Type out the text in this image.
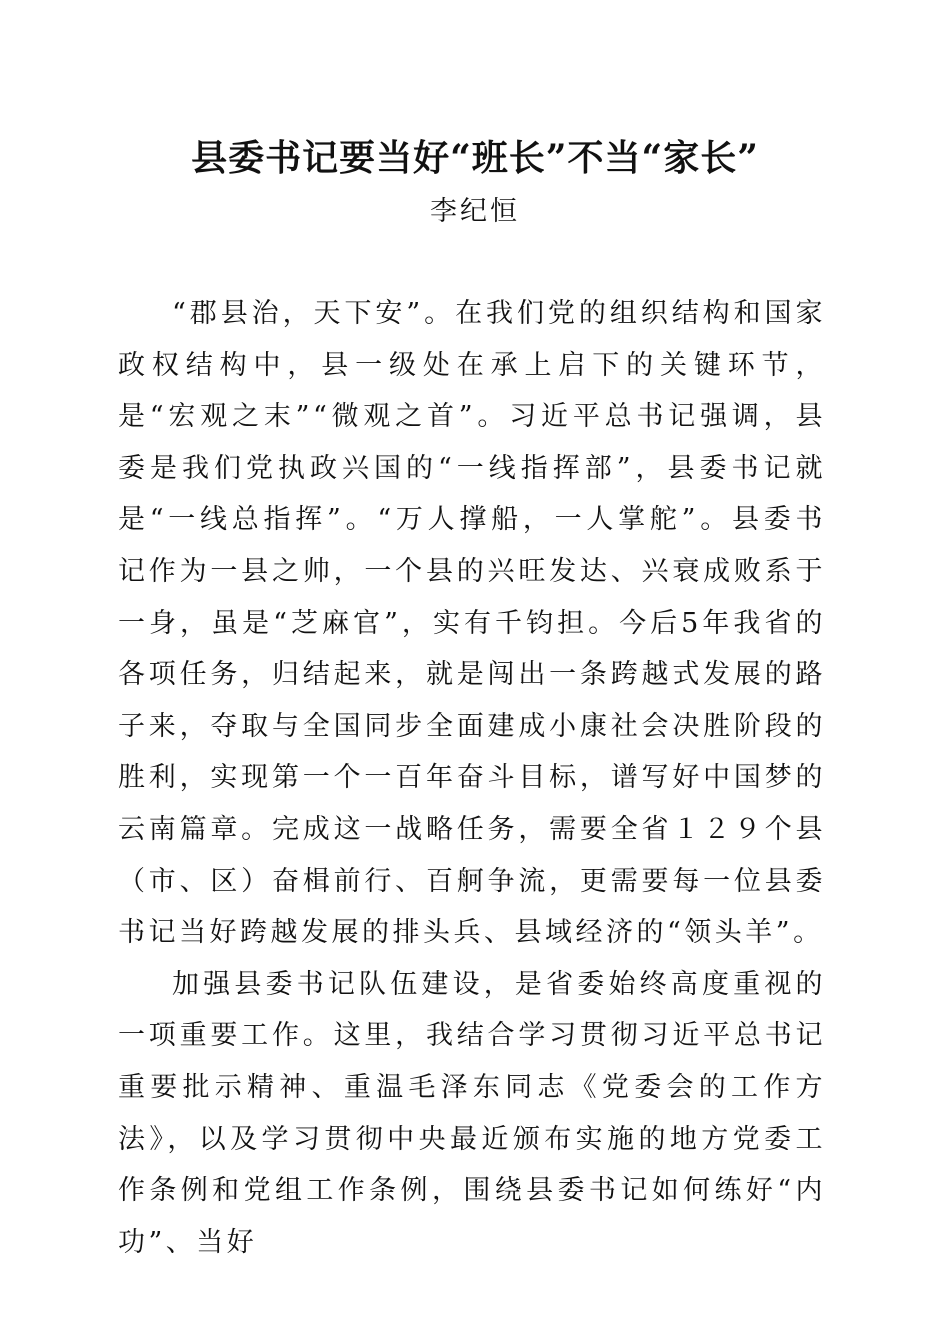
县委书记要当好“班长”不当“家长”
李纪恒

“郡县治，天下安”。在我们党的组织结构和国家政权结构中，县一级处在承上启下的关键环节，是“宏观之末”“微观之首”。习近平总书记强调，县委是我们党执政兴国的“一线指挥部”，县委书记就是“一线总指挥”。“万人撑船，一人掌舵”。县委书记作为一县之帅，一个县的兴旺发达、兴衰成败系于一身，虽是“芝麻官”，实有千钧担。今后5年我省的各项任务，归结起来，就是闯出一条跨越式发展的路子来，夺取与全国同步全面建成小康社会决胜阶段的胜利，实现第一个一百年奋斗目标，谱写好中国梦的云南篇章。完成这一战略任务，需要全省１２９个县（市、区）奋楫前行、百舸争流，更需要每一位县委书记当好跨越发展的排头兵、县域经济的“领头羊”。

加强县委书记队伍建设，是省委始终高度重视的一项重要工作。这里，我结合学习贯彻习近平总书记重要批示精神、重温毛泽东同志《党委会的工作方法》，以及学习贯彻中央最近颁布实施的地方党委工作条例和党组工作条例，围绕县委书记如何练好“内功”、当好
